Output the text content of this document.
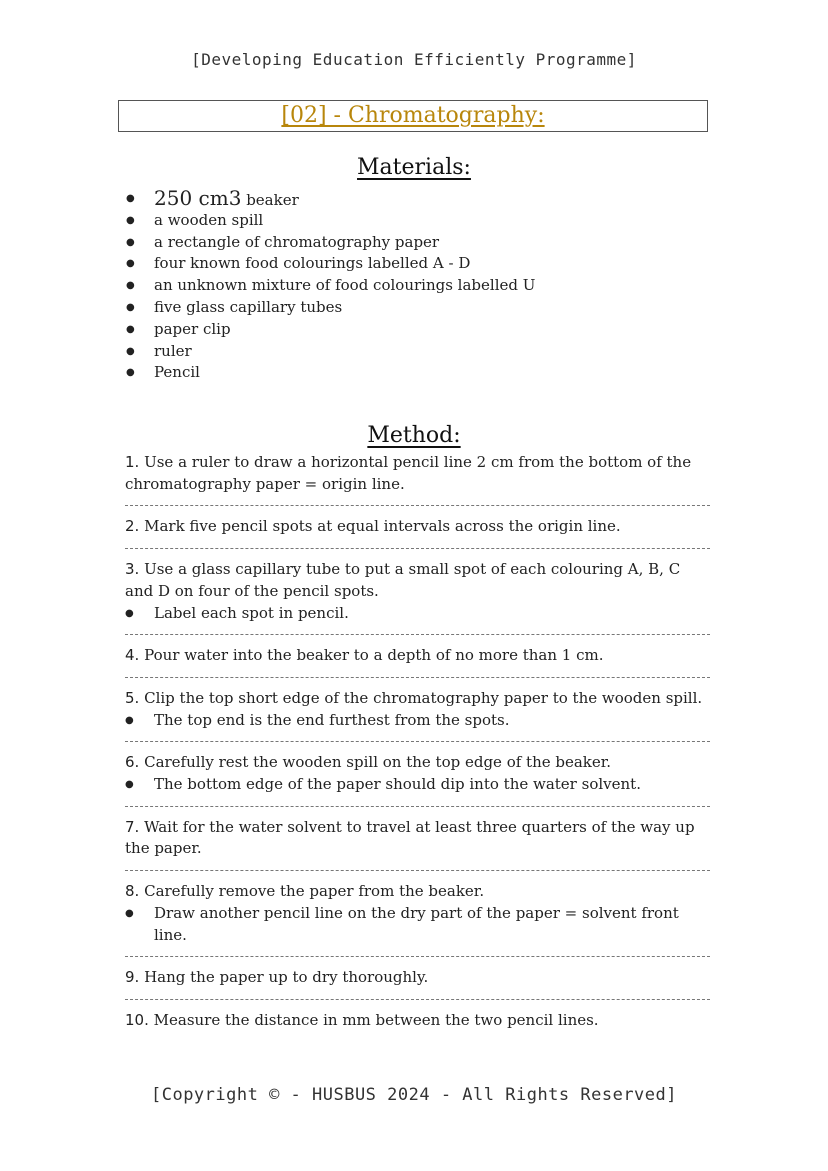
[Developing Education Efficiently Programme]
[02] - Chromatography:
Materials:
● 250 cm3 beaker
● a wooden spill
● a rectangle of chromatography paper
● four known food colourings labelled A - D
● an unknown mixture of food colourings labelled U
● five glass capillary tubes
● paper clip
● ruler
● Pencil
Method:
1. Use a ruler to draw a horizontal pencil line 2 cm from the bottom of the chromatography paper = origin line.
2. Mark five pencil spots at equal intervals across the origin line.
3. Use a glass capillary tube to put a small spot of each colouring A, B, C and D on four of the pencil spots.
● Label each spot in pencil.
4. Pour water into the beaker to a depth of no more than 1 cm.
5. Clip the top short edge of the chromatography paper to the wooden spill.
● The top end is the end furthest from the spots.
6. Carefully rest the wooden spill on the top edge of the beaker.
● The bottom edge of the paper should dip into the water solvent.
7. Wait for the water solvent to travel at least three quarters of the way up the paper.
8. Carefully remove the paper from the beaker.
● Draw another pencil line on the dry part of the paper = solvent front line.
9. Hang the paper up to dry thoroughly.
10. Measure the distance in mm between the two pencil lines.
[Copyright © - HUSBUS 2024 - All Rights Reserved]
